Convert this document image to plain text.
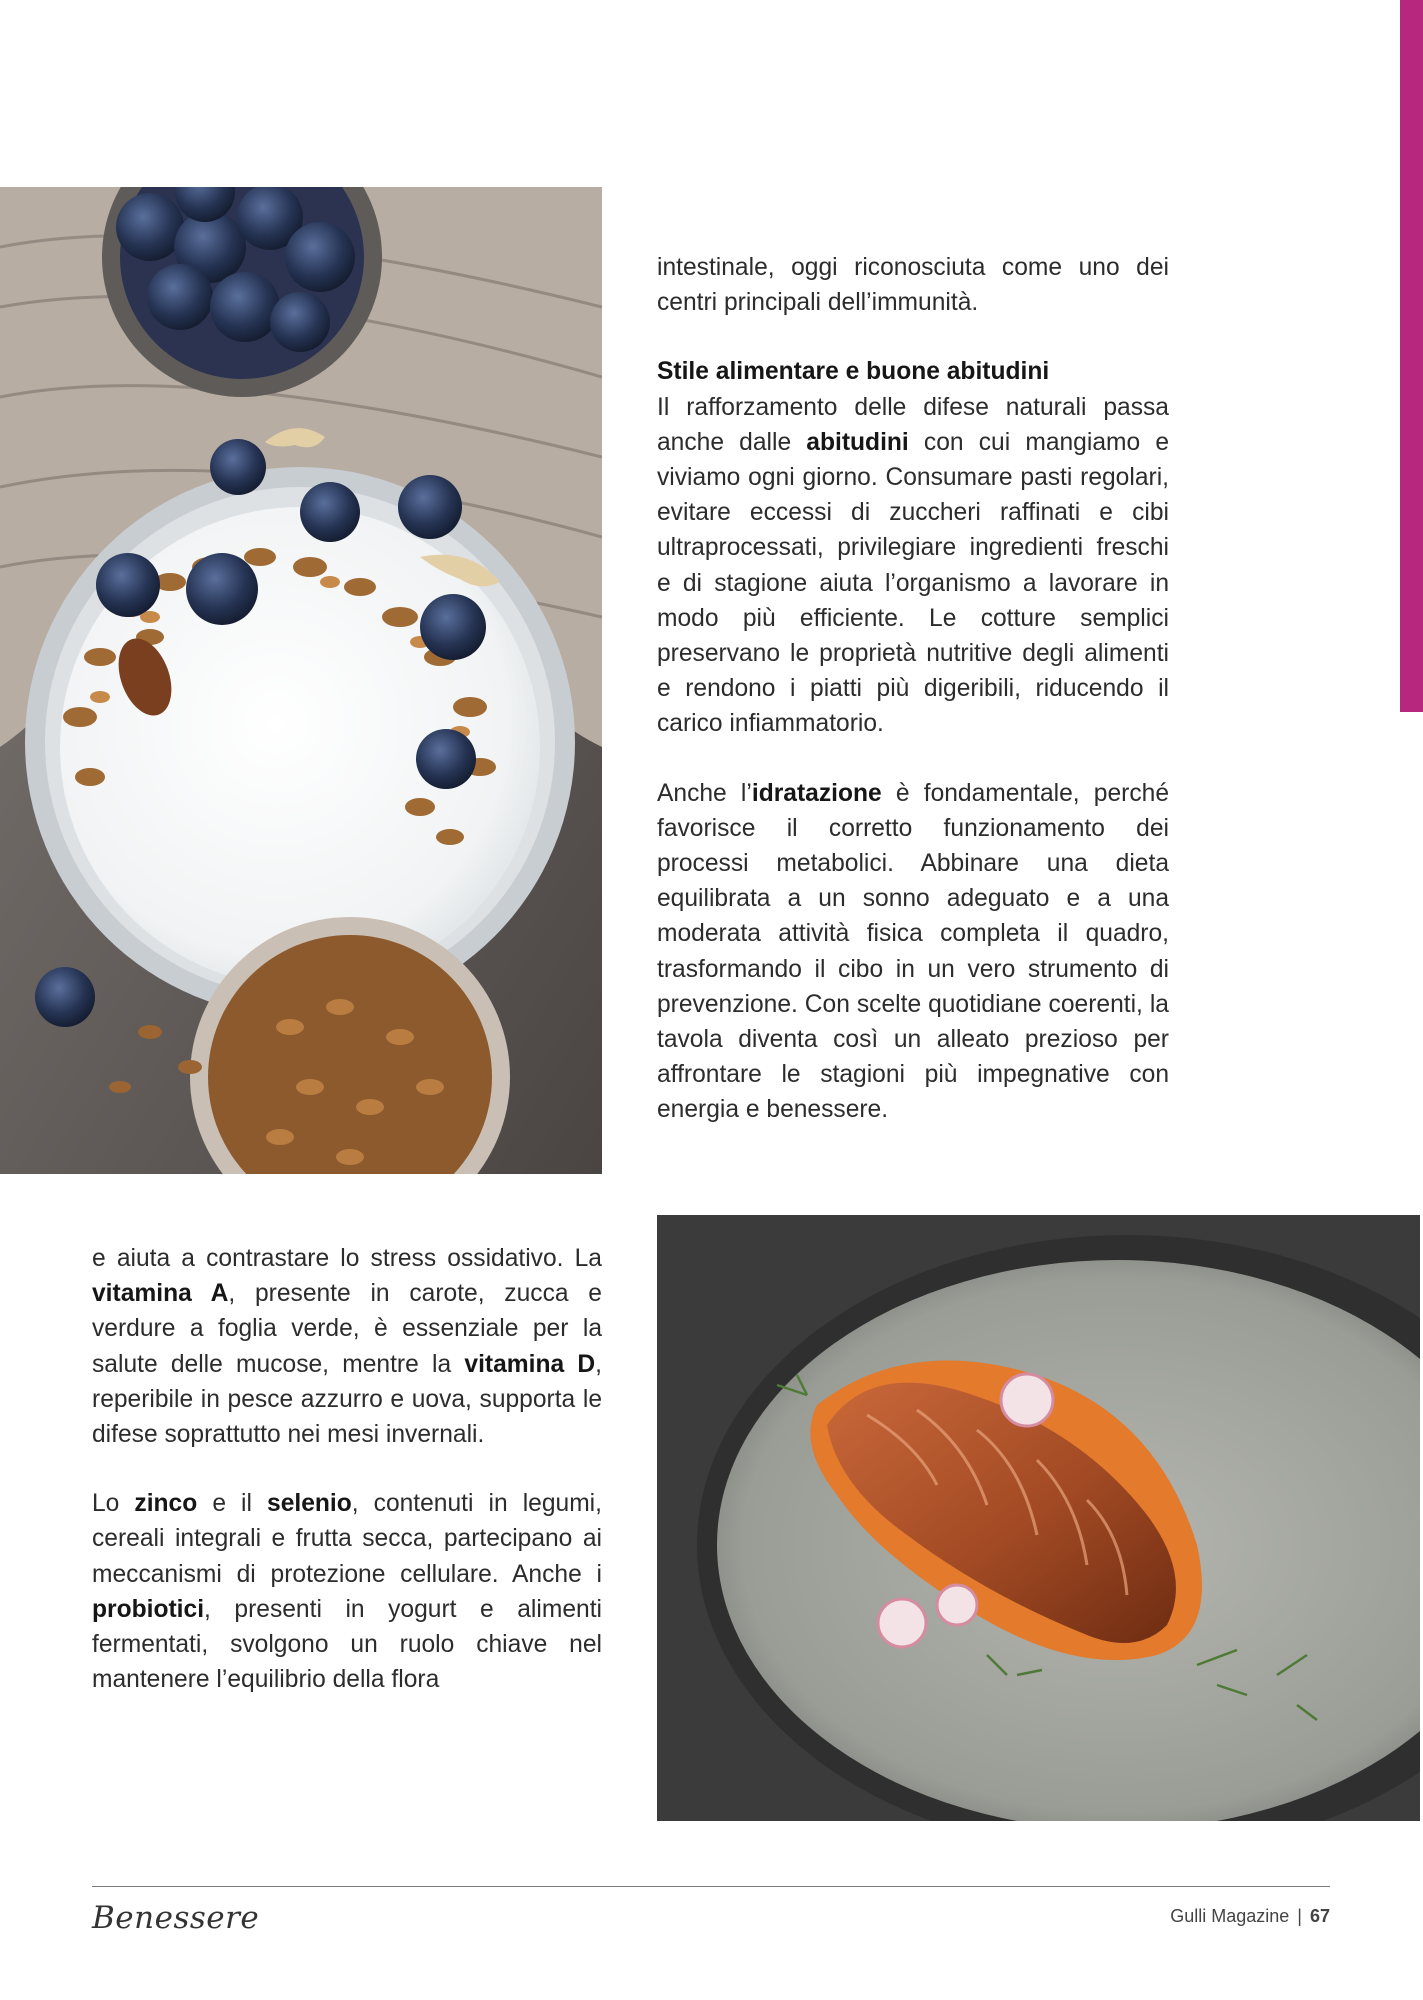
intestinale, oggi riconosciuta come uno dei centri principali dell’immunità.

Stile alimentare e buone abitudini

Il rafforzamento delle difese naturali passa anche dalle abitudini con cui mangiamo e viviamo ogni giorno. Consumare pasti regolari, evitare eccessi di zuccheri raffinati e cibi ultraprocessati, privilegiare ingredienti freschi e di stagione aiuta l’organismo a lavorare in modo più efficiente. Le cotture semplici preservano le proprietà nutritive degli alimenti e rendono i piatti più digeribili, riducendo il carico infiammatorio.

Anche l’idratazione è fondamentale, perché favorisce il corretto funzionamento dei processi metabolici. Abbinare una dieta equilibrata a un sonno adeguato e a una moderata attività fisica completa il quadro, trasformando il cibo in un vero strumento di prevenzione. Con scelte quotidiane coerenti, la tavola diventa così un alleato prezioso per affrontare le stagioni più impegnative con energia e benessere.

e aiuta a contrastare lo stress ossidativo. La vitamina A, presente in carote, zucca e verdure a foglia verde, è essenziale per la salute delle mucose, mentre la vitamina D, reperibile in pesce azzurro e uova, supporta le difese soprattutto nei mesi invernali.

Lo zinco e il selenio, contenuti in legumi, cereali integrali e frutta secca, partecipano ai meccanismi di protezione cellulare. Anche i probiotici, presenti in yogurt e alimenti fermentati, svolgono un ruolo chiave nel mantenere l’equilibrio della flora

Benessere	Gulli Magazine | 67
